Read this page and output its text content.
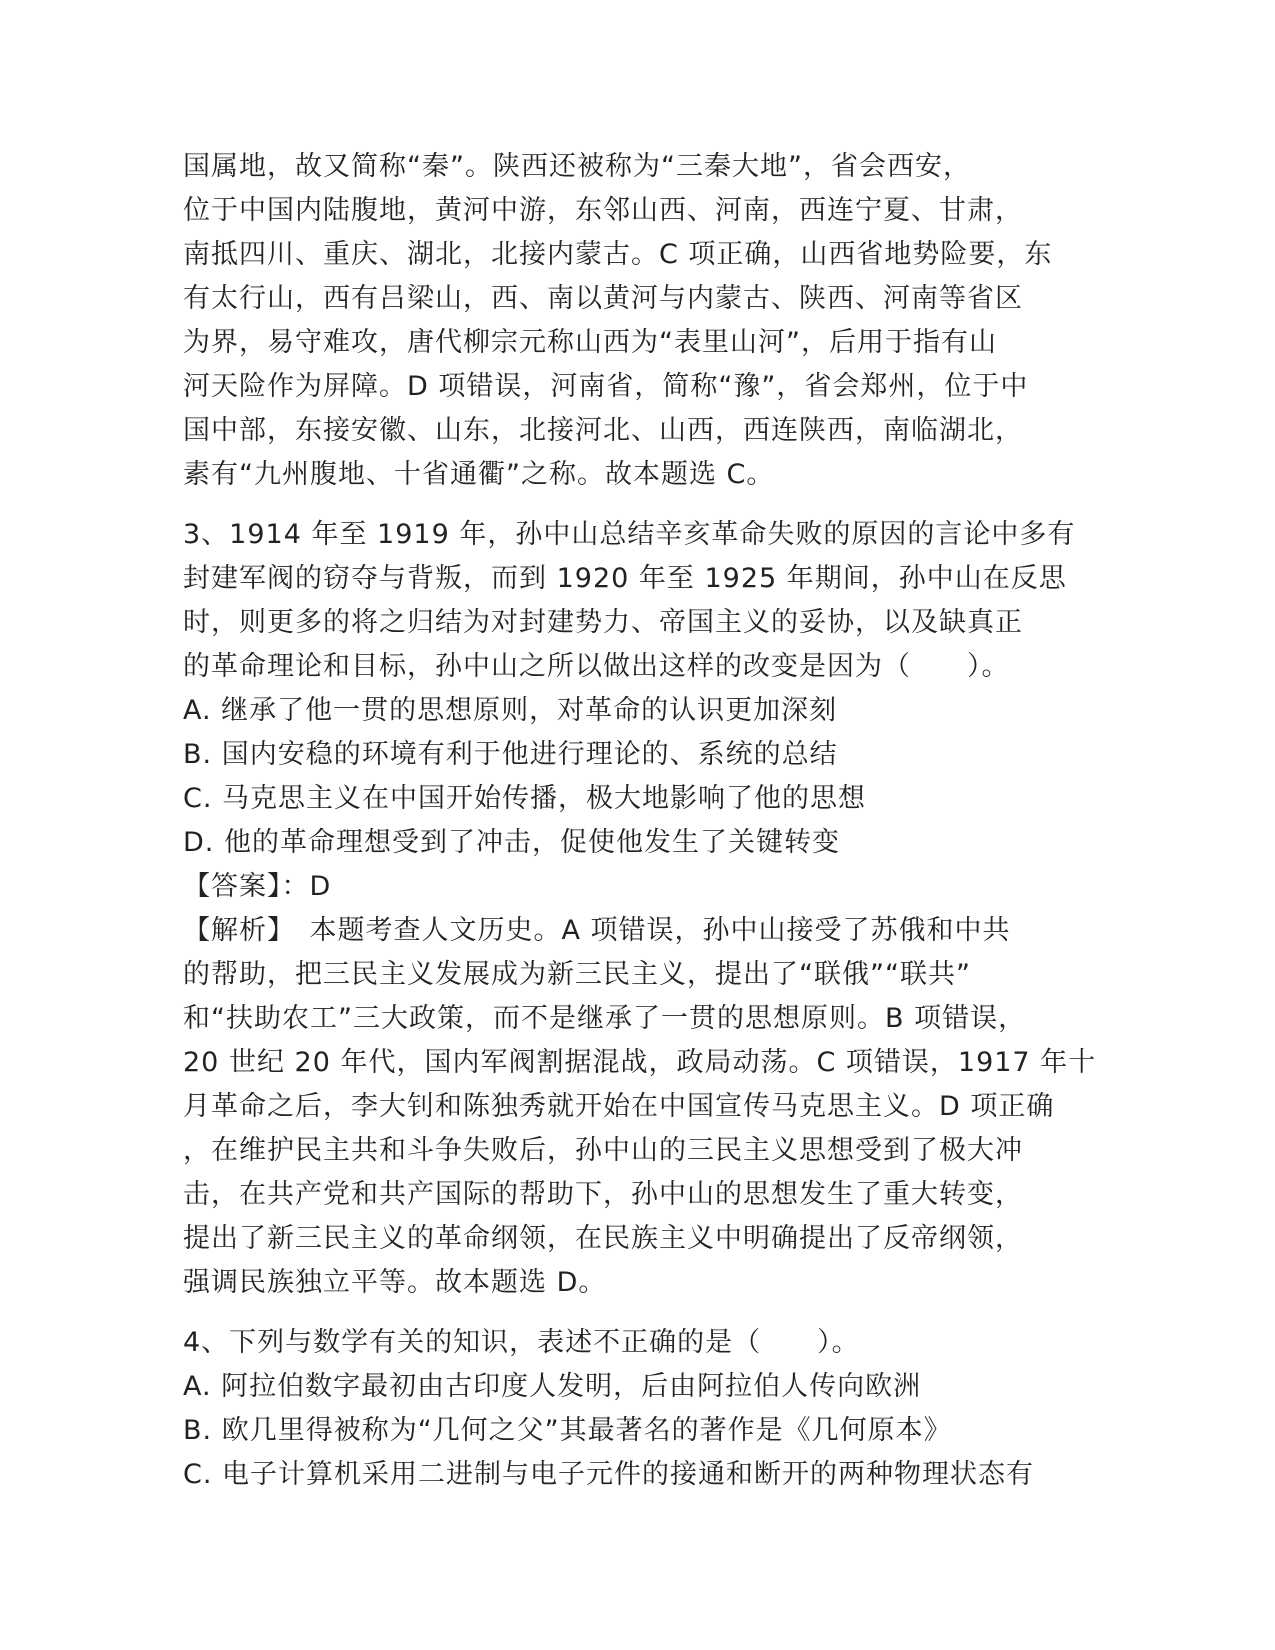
国属地，故又简称“秦”。陕西还被称为“三秦大地”，省会西安，
位于中国内陆腹地，黄河中游，东邻山西、河南，西连宁夏、甘肃，
南抵四川、重庆、湖北，北接内蒙古。C 项正确，山西省地势险要，东
有太行山，西有吕梁山，西、南以黄河与内蒙古、陕西、河南等省区
为界，易守难攻，唐代柳宗元称山西为“表里山河”，后用于指有山
河天险作为屏障。D 项错误，河南省，简称“豫”，省会郑州，位于中
国中部，东接安徽、山东，北接河北、山西，西连陕西，南临湖北，
素有“九州腹地、十省通衢”之称。故本题选 C。
3、1914 年至 1919 年，孙中山总结辛亥革命失败的原因的言论中多有
封建军阀的窃夺与背叛，而到 1920 年至 1925 年期间，孙中山在反思
时，则更多的将之归结为对封建势力、帝国主义的妥协，以及缺真正
的革命理论和目标，孙中山之所以做出这样的改变是因为（　　）。
A. 继承了他一贯的思想原则，对革命的认识更加深刻
B. 国内安稳的环境有利于他进行理论的、系统的总结
C. 马克思主义在中国开始传播，极大地影响了他的思想
D. 他的革命理想受到了冲击，促使他发生了关键转变
【答案】：D
【解析】　本题考查人文历史。A 项错误，孙中山接受了苏俄和中共
的帮助，把三民主义发展成为新三民主义，提出了“联俄”“联共”
和“扶助农工”三大政策，而不是继承了一贯的思想原则。B 项错误，
20 世纪 20 年代，国内军阀割据混战，政局动荡。C 项错误，1917 年十
月革命之后，李大钊和陈独秀就开始在中国宣传马克思主义。D 项正确
，在维护民主共和斗争失败后，孙中山的三民主义思想受到了极大冲
击，在共产党和共产国际的帮助下，孙中山的思想发生了重大转变，
提出了新三民主义的革命纲领，在民族主义中明确提出了反帝纲领，
强调民族独立平等。故本题选 D。
4、下列与数学有关的知识，表述不正确的是（　　）。
A. 阿拉伯数字最初由古印度人发明，后由阿拉伯人传向欧洲
B. 欧几里得被称为“几何之父”其最著名的著作是《几何原本》
C. 电子计算机采用二进制与电子元件的接通和断开的两种物理状态有
